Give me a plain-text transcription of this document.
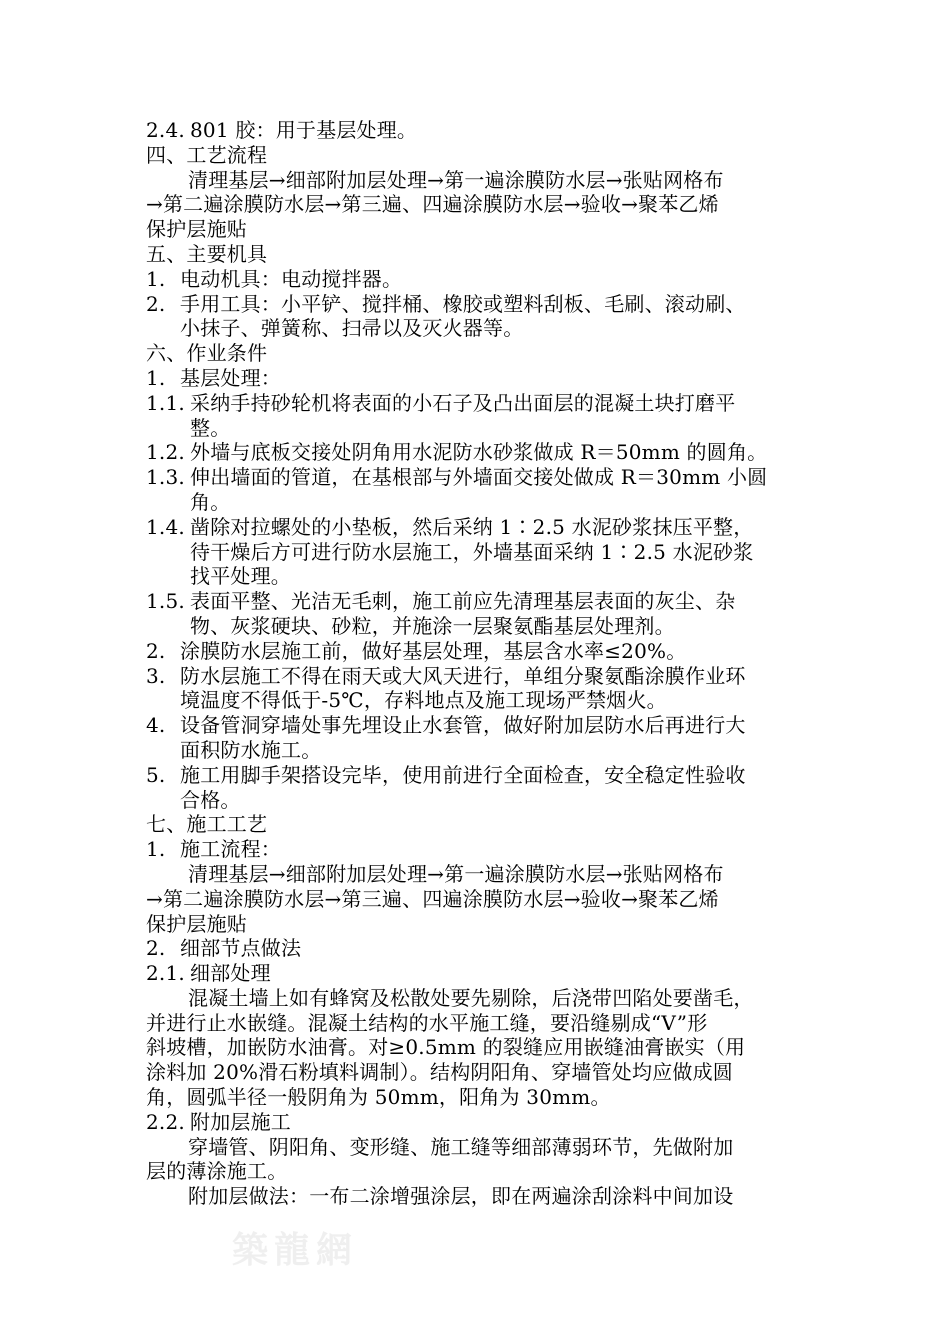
2.4. 801 胶：用于基层处理。
四、工艺流程
清理基层→细部附加层处理→第一遍涂膜防水层→张贴网格布
→第二遍涂膜防水层→第三遍、四遍涂膜防水层→验收→聚苯乙烯
保护层施贴
五、主要机具
1. 电动机具：电动搅拌器。
2. 手用工具：小平铲、搅拌桶、橡胶或塑料刮板、毛刷、滚动刷、
小抹子、弹簧称、扫帚以及灭火器等。
六、作业条件
1. 基层处理：
1.1. 采纳手持砂轮机将表面的小石子及凸出面层的混凝土块打磨平
整。
1.2. 外墙与底板交接处阴角用水泥防水砂浆做成 R＝50mm 的圆角。
1.3. 伸出墙面的管道，在基根部与外墙面交接处做成 R＝30mm 小圆
角。
1.4. 凿除对拉螺处的小垫板，然后采纳 1∶2.5 水泥砂浆抹压平整，
待干燥后方可进行防水层施工，外墙基面采纳 1∶2.5 水泥砂浆
找平处理。
1.5. 表面平整、光洁无毛刺，施工前应先清理基层表面的灰尘、杂
物、灰浆硬块、砂粒，并施涂一层聚氨酯基层处理剂。
2. 涂膜防水层施工前，做好基层处理，基层含水率≤20%。
3. 防水层施工不得在雨天或大风天进行，单组分聚氨酯涂膜作业环
境温度不得低于-5℃，存料地点及施工现场严禁烟火。
4. 设备管洞穿墙处事先埋设止水套管，做好附加层防水后再进行大
面积防水施工。
5. 施工用脚手架搭设完毕，使用前进行全面检查，安全稳定性验收
合格。
七、施工工艺
1. 施工流程：
清理基层→细部附加层处理→第一遍涂膜防水层→张贴网格布
→第二遍涂膜防水层→第三遍、四遍涂膜防水层→验收→聚苯乙烯
保护层施贴
2. 细部节点做法
2.1. 细部处理
混凝土墙上如有蜂窝及松散处要先剔除，后浇带凹陷处要凿毛，
并进行止水嵌缝。混凝土结构的水平施工缝，要沿缝剔成“V”形
斜坡槽，加嵌防水油膏。对≥0.5mm 的裂缝应用嵌缝油膏嵌实（用
涂料加 20%滑石粉填料调制）。结构阴阳角、穿墙管处均应做成圆
角，圆弧半径一般阴角为 50mm，阳角为 30mm。
2.2. 附加层施工
穿墙管、阴阳角、变形缝、施工缝等细部薄弱环节，先做附加
层的薄涂施工。
附加层做法：一布二涂增强涂层，即在两遍涂刮涂料中间加设
築龍網
